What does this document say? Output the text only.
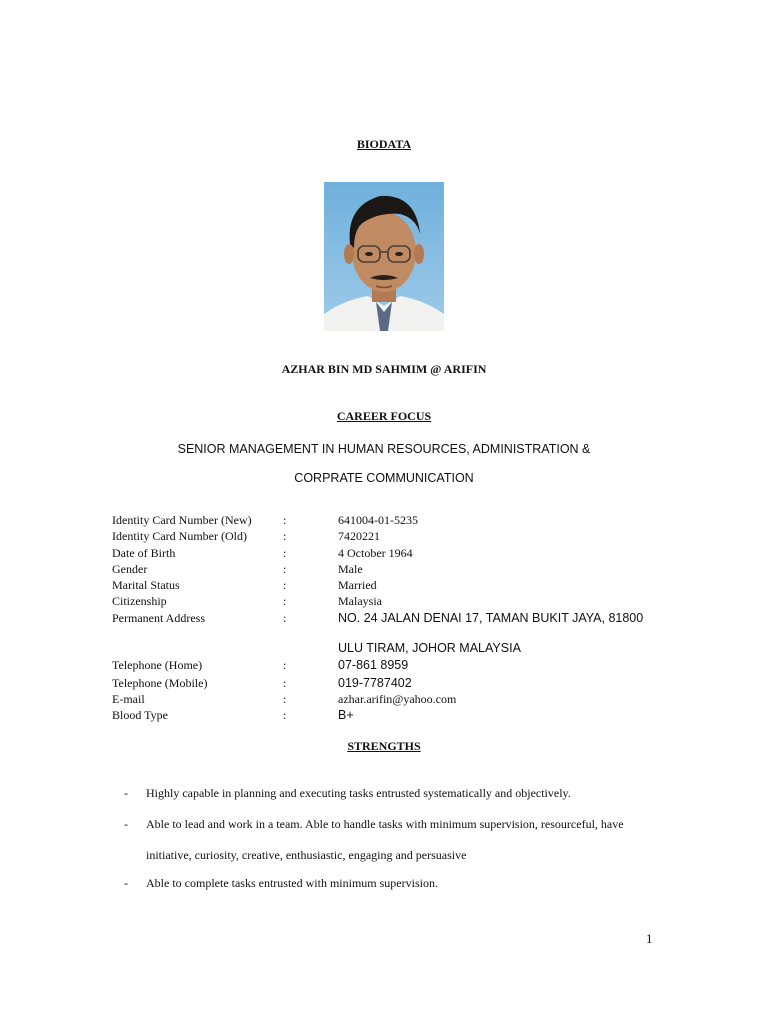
BIODATA
AZHAR BIN MD SAHMIM @ ARIFIN
CAREER FOCUS
SENIOR MANAGEMENT IN HUMAN RESOURCES, ADMINISTRATION &
CORPRATE COMMUNICATION
Identity Card Number (New)	:	641004-01-5235
Identity Card Number (Old)	:	7420221
Date of Birth	:	4 October 1964
Gender	:	Male
Marital Status	:	Married
Citizenship	:	Malaysia
Permanent Address	:	NO. 24 JALAN DENAI 17, TAMAN BUKIT JAYA, 81800
ULU TIRAM, JOHOR MALAYSIA
Telephone (Home)	:	07-861 8959
Telephone (Mobile)	:	019-7787402
E-mail	:	azhar.arifin@yahoo.com
Blood Type	:	B+
STRENGTHS
- Highly capable in planning and executing tasks entrusted systematically and objectively.
- Able to lead and work in a team. Able to handle tasks with minimum supervision, resourceful, have
initiative, curiosity, creative, enthusiastic, engaging and persuasive
- Able to complete tasks entrusted with minimum supervision.
1
